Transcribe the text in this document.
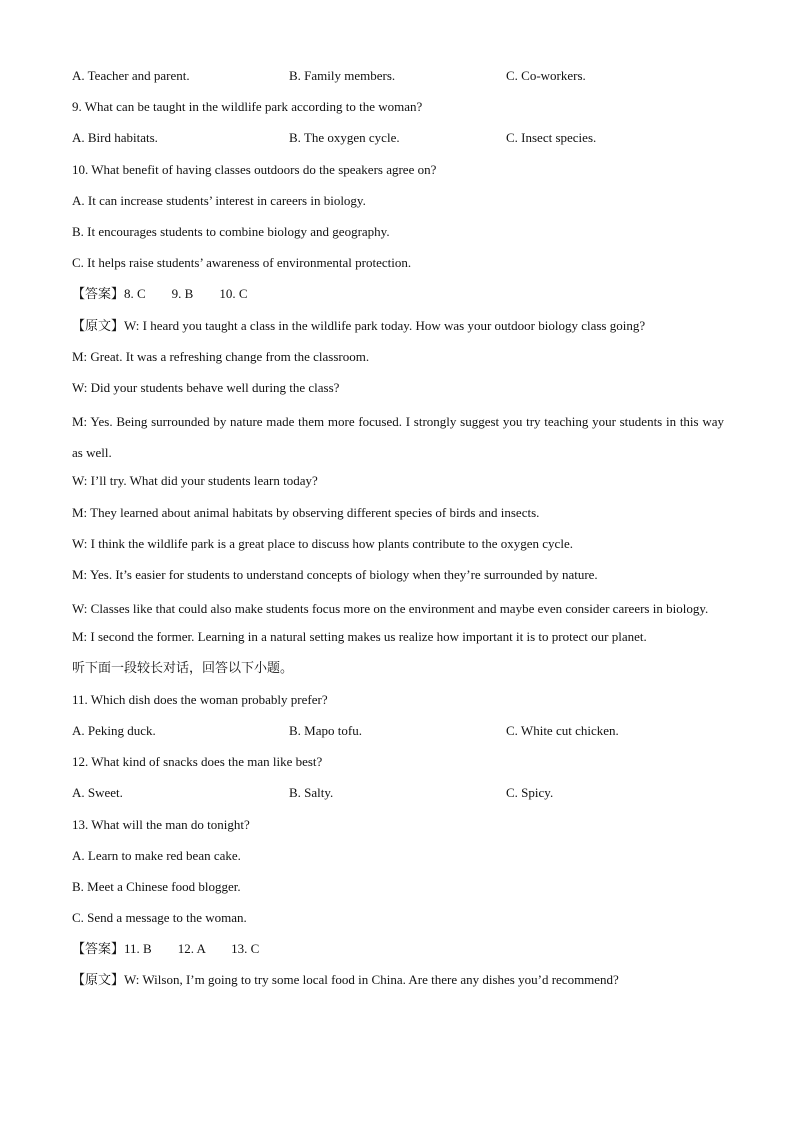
A. Teacher and parent.	B. Family members.	C. Co-workers.
9. What can be taught in the wildlife park according to the woman?
A. Bird habitats.	B. The oxygen cycle.	C. Insect species.
10. What benefit of having classes outdoors do the speakers agree on?
A. It can increase students’ interest in careers in biology.
B. It encourages students to combine biology and geography.
C. It helps raise students’ awareness of environmental protection.
【答案】8. C        9. B        10. C
【原文】W: I heard you taught a class in the wildlife park today. How was your outdoor biology class going?
M: Great. It was a refreshing change from the classroom.
W: Did your students behave well during the class?
M: Yes. Being surrounded by nature made them more focused. I strongly suggest you try teaching your students in this way as well.
W: I’ll try. What did your students learn today?
M: They learned about animal habitats by observing different species of birds and insects.
W: I think the wildlife park is a great place to discuss how plants contribute to the oxygen cycle.
M: Yes. It’s easier for students to understand concepts of biology when they’re surrounded by nature.
W: Classes like that could also make students focus more on the environment and maybe even consider careers in biology.
M: I second the former. Learning in a natural setting makes us realize how important it is to protect our planet.
听下面一段较长对话，回答以下小题。
11. Which dish does the woman probably prefer?
A. Peking duck.	B. Mapo tofu.	C. White cut chicken.
12. What kind of snacks does the man like best?
A. Sweet.	B. Salty.	C. Spicy.
13. What will the man do tonight?
A. Learn to make red bean cake.
B. Meet a Chinese food blogger.
C. Send a message to the woman.
【答案】11. B        12. A        13. C
【原文】W: Wilson, I’m going to try some local food in China. Are there any dishes you’d recommend?
